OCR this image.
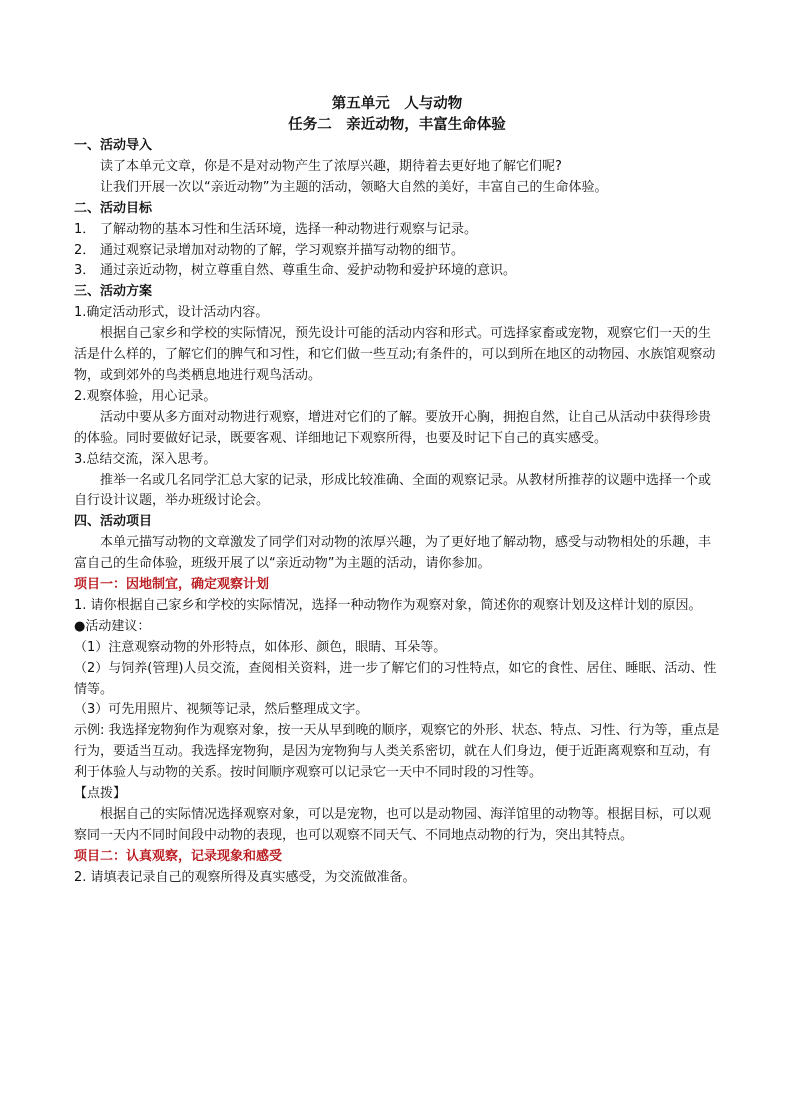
第五单元　人与动物
任务二　亲近动物，丰富生命体验
一、活动导入
读了本单元文章，你是不是对动物产生了浓厚兴趣，期待着去更好地了解它们呢?
让我们开展一次以“亲近动物”为主题的活动，领略大自然的美好，丰富自己的生命体验。
二、活动目标
1． 了解动物的基本习性和生活环境，选择一种动物进行观察与记录。
2． 通过观察记录增加对动物的了解，学习观察并描写动物的细节。
3． 通过亲近动物，树立尊重自然、尊重生命、爱护动物和爱护环境的意识。
三、活动方案
1.确定活动形式，设计活动内容。
根据自己家乡和学校的实际情况，预先设计可能的活动内容和形式。可选择家畜或宠物，观察它们一天的生活是什么样的，了解它们的脾气和习性，和它们做一些互动;有条件的，可以到所在地区的动物园、水族馆观察动物，或到郊外的鸟类栖息地进行观鸟活动。
2.观察体验，用心记录。
活动中要从多方面对动物进行观察，增进对它们的了解。要放开心胸，拥抱自然，让自己从活动中获得珍贵的体验。同时要做好记录，既要客观、详细地记下观察所得，也要及时记下自己的真实感受。
3.总结交流，深入思考。
推举一名或几名同学汇总大家的记录，形成比较准确、全面的观察记录。从教材所推荐的议题中选择一个或自行设计议题，举办班级讨论会。
四、活动项目
本单元描写动物的文章激发了同学们对动物的浓厚兴趣，为了更好地了解动物，感受与动物相处的乐趣，丰富自己的生命体验，班级开展了以“亲近动物”为主题的活动，请你参加。
项目一：因地制宜，确定观察计划
1. 请你根据自己家乡和学校的实际情况，选择一种动物作为观察对象，简述你的观察计划及这样计划的原因。
●活动建议：
（1）注意观察动物的外形特点，如体形、颜色，眼睛、耳朵等。
（2）与饲养(管理)人员交流，查阅相关资料，进一步了解它们的习性特点，如它的食性、居住、睡眠、活动、性情等。
（3）可先用照片、视频等记录，然后整理成文字。
示例: 我选择宠物狗作为观察对象，按一天从早到晚的顺序，观察它的外形、状态、特点、习性、行为等，重点是行为，要适当互动。我选择宠物狗，是因为宠物狗与人类关系密切，就在人们身边，便于近距离观察和互动，有利于体验人与动物的关系。按时间顺序观察可以记录它一天中不同时段的习性等。
【点拨】
根据自己的实际情况选择观察对象，可以是宠物，也可以是动物园、海洋馆里的动物等。根据目标，可以观察同一天内不同时间段中动物的表现，也可以观察不同天气、不同地点动物的行为，突出其特点。
项目二：认真观察，记录现象和感受
2. 请填表记录自己的观察所得及真实感受，为交流做准备。
